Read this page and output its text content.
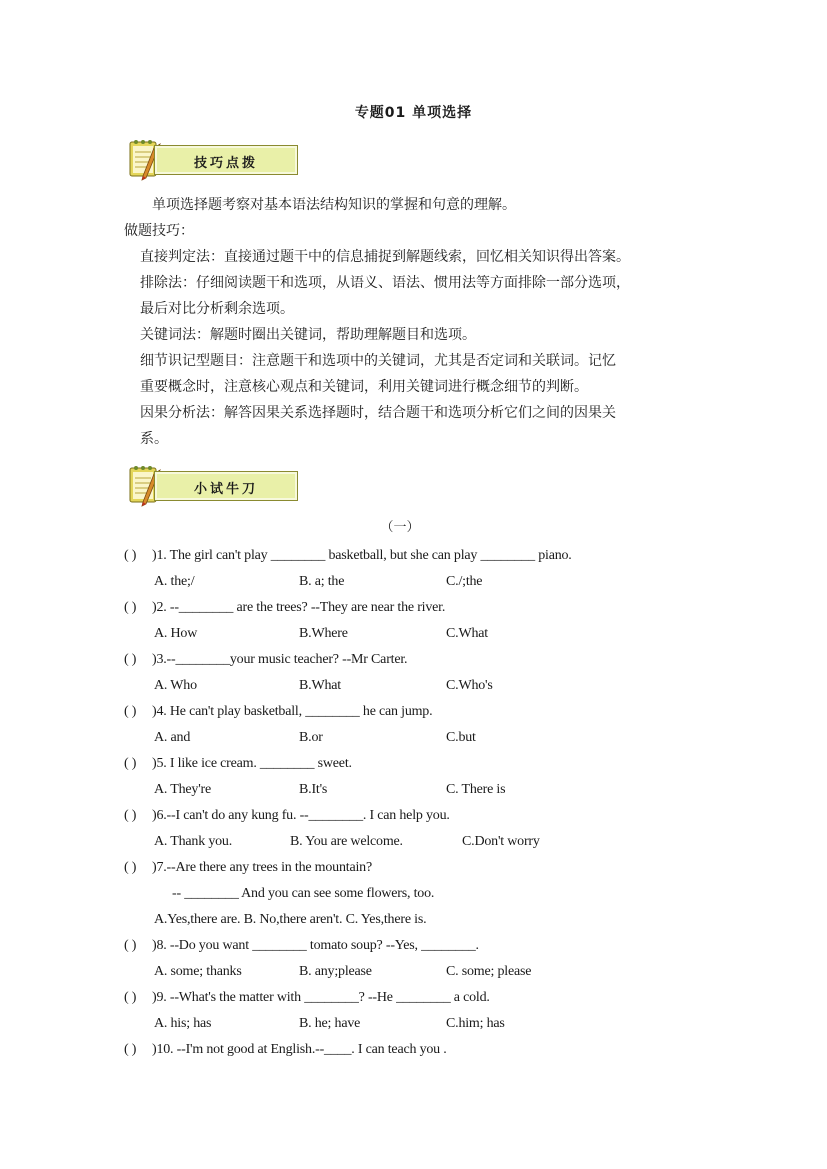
专题01 单项选择
技巧点拨

单项选择题考察对基本语法结构知识的掌握和句意的理解。

做题技巧：

直接判定法：直接通过题干中的信息捕捉到解题线索，回忆相关知识得出答案。

排除法：仔细阅读题干和选项，从语义、语法、惯用法等方面排除一部分选项，

最后对比分析剩余选项。

关键词法：解题时圈出关键词，帮助理解题目和选项。

细节识记型题目：注意题干和选项中的关键词，尤其是否定词和关联词。记忆

重要概念时，注意核心观点和关键词，利用关键词进行概念细节的判断。

因果分析法：解答因果关系选择题时，结合题干和选项分析它们之间的因果关

系。

小试牛刀
（一）
( ) )1. The girl can't play ________ basketball, but she can play ________ piano.
A. the;/	B. a; the	C./;the
( ) )2. --________ are the trees? --They are near the river.
A. How	B.Where	C.What
( ) )3.--________your music teacher? --Mr Carter.
A. Who	B.What	C.Who's
( ) )4. He can't play basketball, ________ he can jump.
A. and	B.or	C.but
( ) )5. I like ice cream. ________ sweet.
A. They're	B.It's	C. There is
( ) )6.--I can't do any kung fu. --________. I can help you.
A. Thank you.	B. You are welcome.	C.Don't worry
( ) )7.--Are there any trees in the mountain?
-- ________ And you can see some flowers, too.
A.Yes,there are. B. No,there aren't. C. Yes,there is.
( ) )8. --Do you want ________ tomato soup? --Yes, ________.
A. some; thanks	B. any;please	C. some; please
( ) )9. --What's the matter with ________? --He ________ a cold.
A. his; has	B. he; have	C.him; has
( ) )10. --I'm not good at English.--____. I can teach you .
